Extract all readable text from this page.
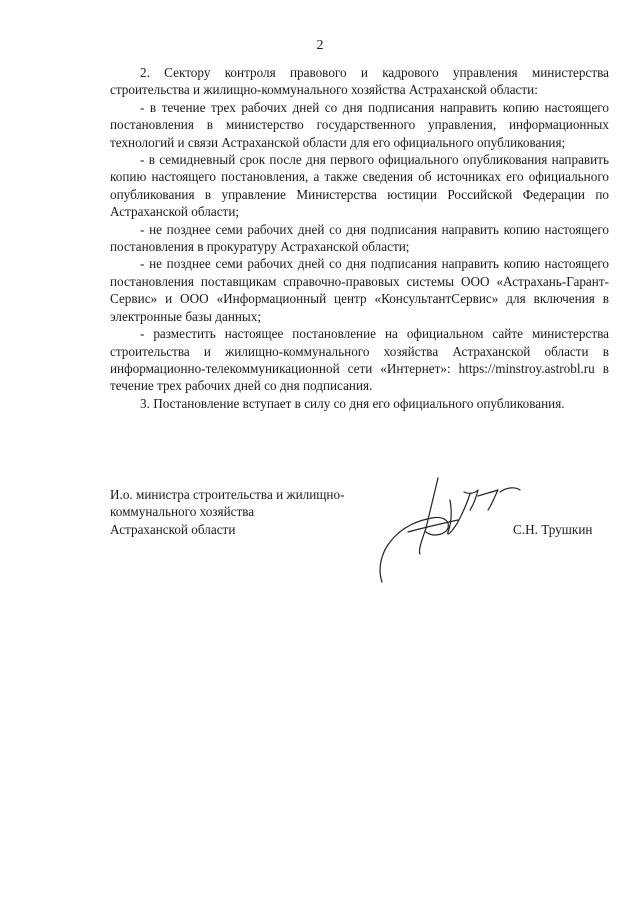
2

2. Сектору контроля правового и кадрового управления министерства строительства и жилищно-коммунального хозяйства Астраханской области:

- в течение трех рабочих дней со дня подписания направить копию настоящего постановления в министерство государственного управления, информационных технологий и связи Астраханской области для его официального опубликования;

- в семидневный срок после дня первого официального опубликования направить копию настоящего постановления, а также сведения об источниках его официального опубликования в управление Министерства юстиции Российской Федерации по Астраханской области;

- не позднее семи рабочих дней со дня подписания направить копию настоящего постановления в прокуратуру Астраханской области;

- не позднее семи рабочих дней со дня подписания направить копию настоящего постановления поставщикам справочно-правовых системы ООО «Астрахань-Гарант-Сервис» и ООО «Информационный центр «КонсультантСервис» для включения в электронные базы данных;

- разместить настоящее постановление на официальном сайте министерства строительства и жилищно-коммунального хозяйства Астраханской области в информационно-телекоммуникационной сети «Интернет»: https://minstroy.astrobl.ru в течение трех рабочих дней со дня подписания.

3. Постановление вступает в силу со дня его официального опубликования.

И.о. министра строительства и жилищно-
коммунального хозяйства
Астраханской области	С.Н. Трушкин
